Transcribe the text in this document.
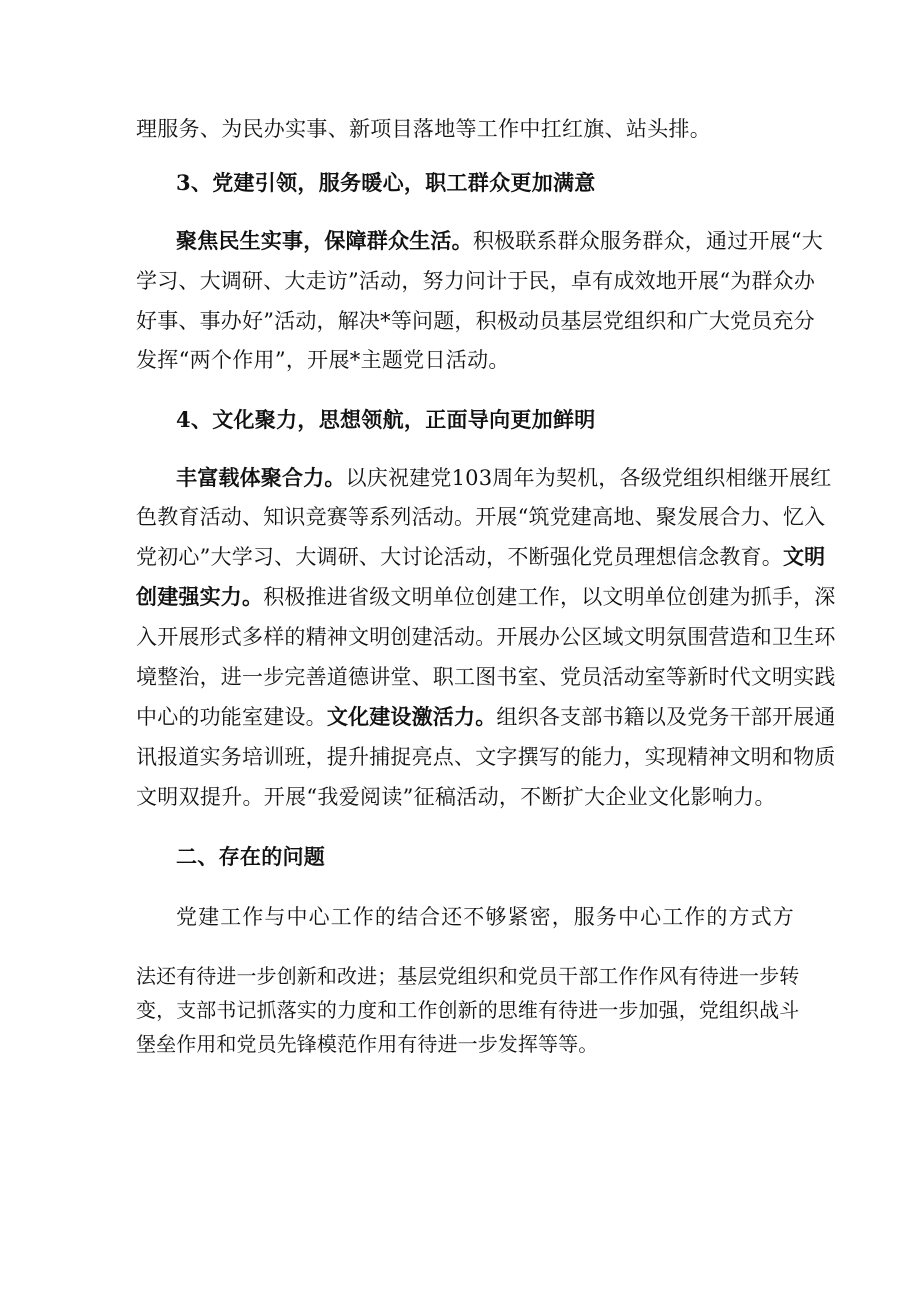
理服务、为民办实事、新项目落地等工作中扛红旗、站头排。
3、党建引领，服务暖心，职工群众更加满意
聚焦民生实事，保障群众生活。积极联系群众服务群众，通过开展“大
学习、大调研、大走访”活动，努力问计于民，卓有成效地开展“为群众办
好事、事办好”活动，解决*等问题，积极动员基层党组织和广大党员充分
发挥“两个作用”，开展*主题党日活动。
4、文化聚力，思想领航，正面导向更加鲜明
丰富载体聚合力。以庆祝建党103周年为契机，各级党组织相继开展红
色教育活动、知识竞赛等系列活动。开展“筑党建高地、聚发展合力、忆入
党初心”大学习、大调研、大讨论活动，不断强化党员理想信念教育。文明
创建强实力。积极推进省级文明单位创建工作，以文明单位创建为抓手，深
入开展形式多样的精神文明创建活动。开展办公区域文明氛围营造和卫生环
境整治，进一步完善道德讲堂、职工图书室、党员活动室等新时代文明实践
中心的功能室建设。文化建设激活力。组织各支部书籍以及党务干部开展通
讯报道实务培训班，提升捕捉亮点、文字撰写的能力，实现精神文明和物质
文明双提升。开展“我爱阅读”征稿活动，不断扩大企业文化影响力。
二、存在的问题
党建工作与中心工作的结合还不够紧密，服务中心工作的方式方
法还有待进一步创新和改进；基层党组织和党员干部工作作风有待进一步转
变，支部书记抓落实的力度和工作创新的思维有待进一步加强，党组织战斗
堡垒作用和党员先锋模范作用有待进一步发挥等等。
